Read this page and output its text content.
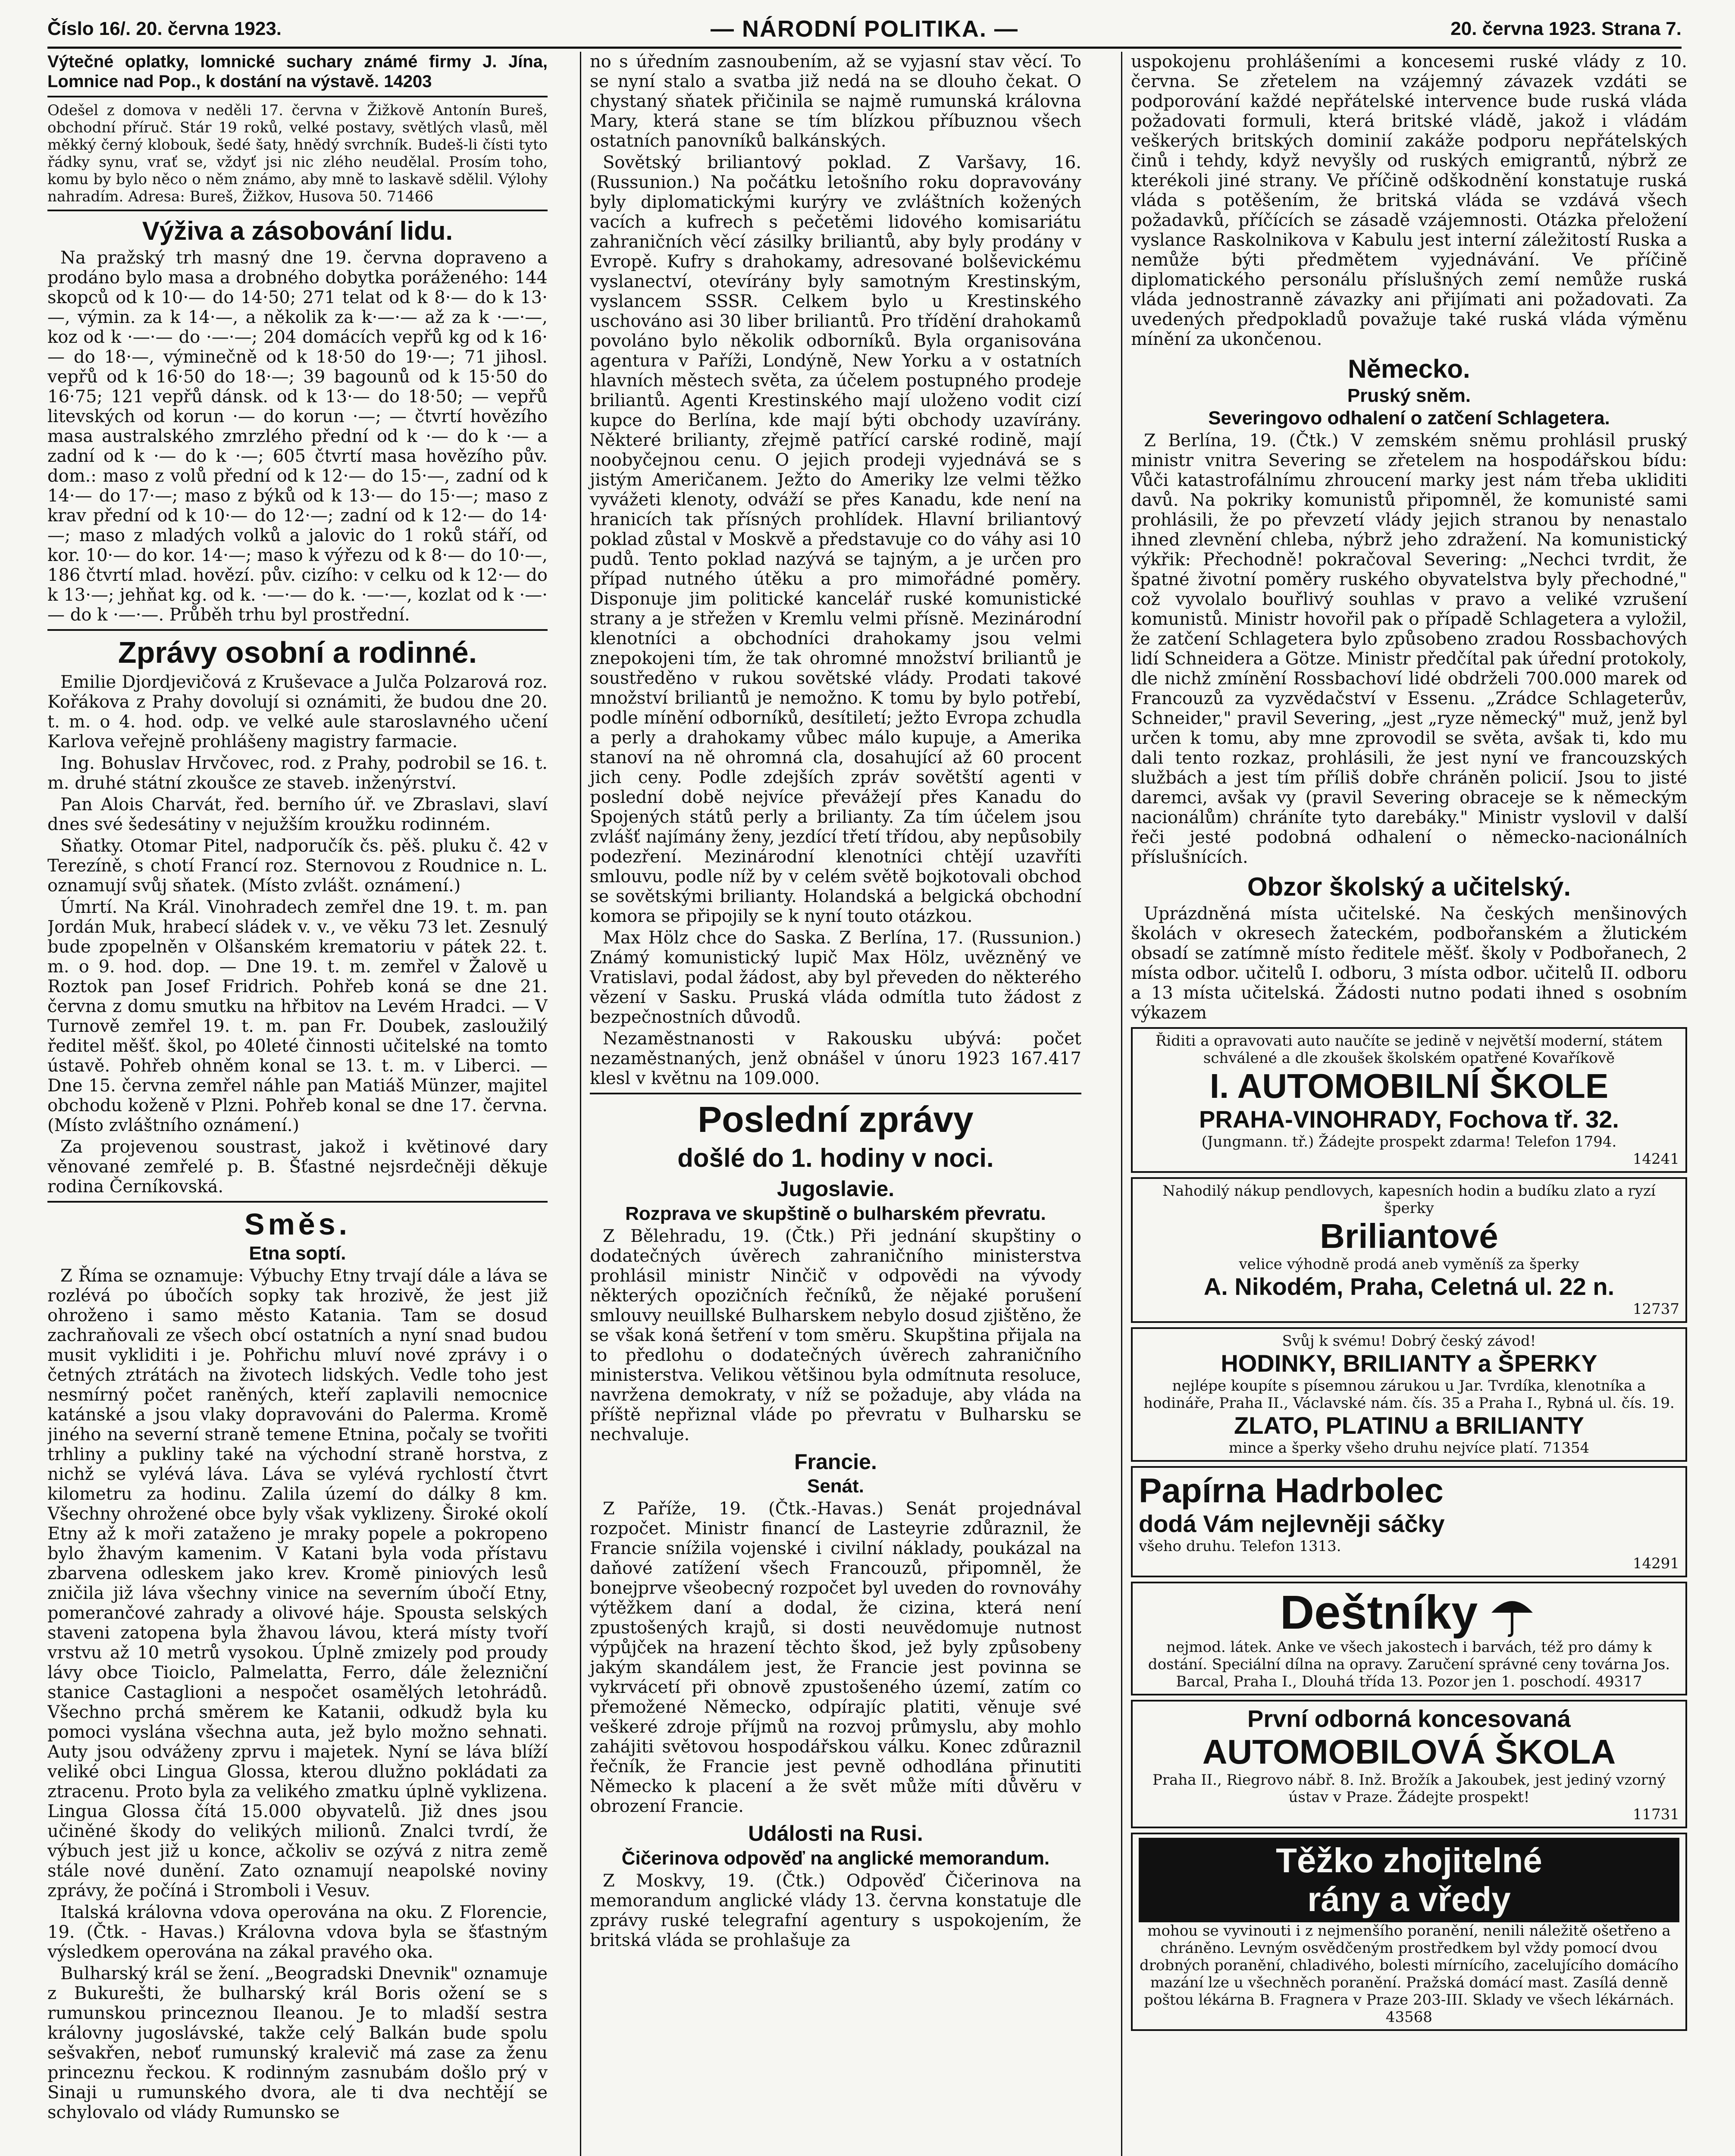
Číslo 16/. 20. června 1923.	— NÁRODNÍ POLITIKA. —	20. června 1923. Strana 7.

Výtečné oplatky, lomnické suchary známé firmy J. Jína, Lomnice nad Pop., k dostání na výstavě. 14203

Odešel z domova v neděli 17. června v Žižkově Antonín Bureš, obchodní příruč. Stár 19 roků, velké postavy, světlých vlasů, měl měkký černý klobouk, šedé šaty, hnědý svrchník. Budeš-li čísti tyto řádky synu, vrať se, vždyť jsi nic zlého neudělal. Prosím toho, komu by bylo něco o něm známo, aby mně to laskavě sdělil. Výlohy nahradím. Adresa: Bureš, Žižkov, Husova 50. 71466

Výživa a zásobování lidu.

Na pražský trh masný dne 19. června dopraveno a prodáno bylo masa a drobného dobytka poráženého: 144 skopců od k 10·— do 14·50; 271 telat od k 8·— do k 13·—, výmin. za k 14·—, a několik za k·—·— až za k ·—·—, koz od k ·—·— do ·—·—; 204 domácích vepřů kg od k 16·— do 18·—, výminečně od k 18·50 do 19·—; 71 jihosl. vepřů od k 16·50 do 18·—; 39 bagounů od k 15·50 do 16·75; 121 vepřů dánsk. od k 13·— do 18·50; — vepřů litevských od korun ·— do korun ·—; — čtvrtí hovězího masa australského zmrzlého přední od k ·— do k ·— a zadní od k ·— do k ·—; 605 čtvrtí masa hovězího pův. dom.: maso z volů přední od k 12·— do 15·—, zadní od k 14·— do 17·—; maso z býků od k 13·— do 15·—; maso z krav přední od k 10·— do 12·—; zadní od k 12·— do 14·—; maso z mladých volků a jalovic do 1 roků stáří, od kor. 10·— do kor. 14·—; maso k výřezu od k 8·— do 10·—, 186 čtvrtí mlad. hovězí. pův. cizího: v celku od k 12·— do k 13·—; jehňat kg. od k. ·—·— do k. ·—·—, kozlat od k ·—·— do k ·—·—. Průběh trhu byl prostřední.

Zprávy osobní a rodinné.

Emilie Djordjevičová z Kruševace a Julča Polzarová roz. Kořákova z Prahy dovolují si oznámiti, že budou dne 20. t. m. o 4. hod. odp. ve velké aule staroslavného učení Karlova veřejně prohlášeny magistry farmacie.

Ing. Bohuslav Hrvčovec, rod. z Prahy, podrobil se 16. t. m. druhé státní zkoušce ze staveb. inženýrství.

Pan Alois Charvát, řed. berního úř. ve Zbraslavi, slaví dnes své šedesátiny v nejužším kroužku rodinném.

Sňatky. Otomar Pitel, nadporučík čs. pěš. pluku č. 42 v Terezíně, s chotí Francí roz. Sternovou z Roudnice n. L. oznamují svůj sňatek. (Místo zvlášt. oznámení.)

Úmrtí. Na Král. Vinohradech zemřel dne 19. t. m. pan Jordán Muk, hrabecí sládek v. v., ve věku 73 let. Zesnulý bude zpopelněn v Olšanském krematoriu v pátek 22. t. m. o 9. hod. dop. — Dne 19. t. m. zemřel v Žalově u Roztok pan Josef Fridrich. Pohřeb koná se dne 21. června z domu smutku na hřbitov na Levém Hradci. — V Turnově zemřel 19. t. m. pan Fr. Doubek, zasloužilý ředitel měšť. škol, po 40leté činnosti učitelské na tomto ústavě. Pohřeb ohněm konal se 13. t. m. v Liberci. — Dne 15. června zemřel náhle pan Matiáš Münzer, majitel obchodu koženě v Plzni. Pohřeb konal se dne 17. června. (Místo zvláštního oznámení.)

Za projevenou soustrast, jakož i květinové dary věnované zemřelé p. B. Šťastné nejsrdečněji děkuje rodina Černíkovská.

Směs.
Etna soptí.

Z Říma se oznamuje: Výbuchy Etny trvají dále a láva se rozlévá po úbočích sopky tak hrozivě, že jest již ohroženo i samo město Katania. Tam se dosud zachraňovali ze všech obcí ostatních a nyní snad budou musit vykliditi i je. Pohřichu mluví nové zprávy i o četných ztrátách na životech lidských. Vedle toho jest nesmírný počet raněných, kteří zaplavili nemocnice katánské a jsou vlaky dopravováni do Palerma. Kromě jiného na severní straně temene Etnina, počaly se tvořiti trhliny a puklinу také na východní straně horstva, z nichž se vylévá láva. Láva se vylévá rychlostí čtvrt kilometru za hodinu. Zalila území do dálky 8 km. Všechny ohrožené obce byly však vyklizeny. Široké okolí Etny až k moři zataženo je mraky popele a pokropeno bylo žhavým kamenim. V Katani byla voda přístavu zbarvena odleskem jako krev. Kromě piniových lesů zničila již láva všechny vinice na severním úbočí Etny, pomerančové zahrady a olivové háje. Spousta selských staveni zatopena byla žhavou lávou, která místy tvoří vrstvu až 10 metrů vysokou. Úplně zmizely pod proudy lávy obce Tioiclo, Palmelatta, Ferro, dále železniční stanice Castaglioni a nespočet osamělých letohrádů. Všechno prchá směrem ke Katanii, odkudž byla ku pomoci vyslána všechna auta, jež bylo možno sehnati. Auty jsou odváženy zprvu i majetek. Nyní se láva blíží veliké obci Lingua Glossa, kterou dlužno pokládati za ztracenu. Proto byla za velikého zmatku úplně vyklizena. Lingua Glossa čítá 15.000 obyvatelů. Již dnes jsou učiněné škody do velikých milionů. Znalci tvrdí, že výbuch jest již u konce, ačkoliv se ozývá z nitra země stále nové dunění. Zato oznamují neapolské noviny zprávy, že počíná i Stromboli i Vesuv.

Italská královna vdova operována na oku. Z Florencie, 19. (Čtk. - Havas.) Královna vdova byla se šťastným výsledkem operována na zákal pravého oka.

Bulharský král se žení. „Beogradski Dnevnik" oznamuje z Bukurešti, že bulharský král Boris ožení se s rumunskou princeznou Ileanou. Je to mladší sestra královny jugoslávské, takže celý Balkán bude spolu sešvakřen, neboť rumunský kralevič má zase za ženu princeznu řeckou. K rodinným zasnubám došlo prý v Sinaji u rumunského dvora, ale ti dva nechtějí se schylovalo od vlády Rumunsko se

no s úředním zasnoubením, až se vyjasní stav věcí. To se nyní stalo a svatba již nedá na se dlouho čekat. O chystaný sňatek přičinila se najmě rumunská královna Mary, která stane se tím blízkou příbuznou všech ostatních panovníků balkánských.

Sovětský briliantový poklad. Z Varšavy, 16. (Russunion.) Na počátku letošního roku dopravovány byly diplomatickými kurýry ve zvláštních kožených vacích a kufrech s pečetěmi lidového komisariátu zahraničních věcí zásilky briliantů, aby byly prodány v Evropě. Kufry s drahokamy, adresované bolševickému vyslanectví, otevírány byly samotným Krestinským, vyslancem SSSR. Celkem bylo u Krestinského uschováno asi 30 liber briliantů. Pro třídění drahokamů povoláno bylo několik odborníků. Byla organisována agentura v Paříži, Londýně, New Yorku a v ostatních hlavních městech světa, za účelem postupného prodeje briliantů. Agenti Krestinského mají uloženo vodit cizí kupce do Berlína, kde mají býti obchody uzavírány. Některé brilianty, zřejmě patřící carské rodině, mají noobyčejnou cenu. O jejich prodeji vyjednává se s jistým Američanem. Ježto do Ameriky lze velmi těžko vyvážeti klenoty, odváží se přes Kanadu, kde není na hranicích tak přísných prohlídek. Hlavní briliantový poklad zůstal v Moskvě a představuje co do váhy asi 10 pudů. Tento poklad nazývá se tajným, a je určen pro případ nutného útěku a pro mimořádné poměry. Disponuje jim politické kancelář ruské komunistické strany a je střežen v Kremlu velmi přísně. Mezinárodní klenotníci a obchodníci drahokamy jsou velmi znepokojeni tím, že tak ohromné množství briliantů je soustředěno v rukou sovětské vlády. Prodati takové množství briliantů je nemožno. K tomu by bylo potřebí, podle mínění odborníků, desítiletí; ježto Evropa zchudla a perly a drahokamy vůbec málo kupuje, a Amerika stanoví na ně ohromná cla, dosahující až 60 procent jich ceny. Podle zdejších zpráv sovětští agenti v poslední době nejvíce převážejí přes Kanadu do Spojených států perly a brilianty. Za tím účelem jsou zvlášť najímány ženy, jezdící třetí třídou, aby nepůsobily podezření. Mezinárodní klenotníci chtějí uzavříti smlouvu, podle níž by v celém světě bojkotovali obchod se sovětskými brilianty. Holandská a belgická obchodní komora se připojily se k nyní touto otázkou.

Max Hölz chce do Saska. Z Berlína, 17. (Russunion.) Známý komunistický lupič Max Hölz, uvězněný ve Vratislavi, podal žádost, aby byl převeden do některého vězení v Sasku. Pruská vláda odmítla tuto žádost z bezpečnostních důvodů.

Nezaměstnanosti v Rakousku ubývá: počet nezaměstnaných, jenž obnášel v únoru 1923 167.417 klesl v květnu na 109.000.

Poslední zprávy
došlé do 1. hodiny v noci.
Jugoslavie.
Rozprava ve skupštině o bulharském převratu.

Z Bělehradu, 19. (Čtk.) Při jednání skupštiny o dodatečných úvěrech zahraničního ministerstva prohlásil ministr Ninčič v odpovědi na vývody některých opozičních řečníků, že nějaké porušení smlouvy neuillské Bulharskem nebylo dosud zjištěno, že se však koná šetření v tom směru. Skupština přijala na to předlohu o dodatečných úvěrech zahraničního ministerstva. Velikou většinou byla odmítnuta resoluce, navržena demokraty, v níž se požaduje, aby vláda na příště nepřiznal vláde po převratu v Bulharsku se nechvaluje.

Francie.
Senát.

Z Paříže, 19. (Čtk.-Havas.) Senát projednával rozpočet. Ministr financí de Lasteyrie zdůraznil, že Francie snížila vojenské i civilní náklady, poukázal na daňové zatížení všech Francouzů, připomněl, že bonejprve všeobecný rozpočet byl uveden do rovnováhy výtěžkem daní a dodal, že cizina, která není zpustošených krajů, si dosti neuvědomuje nutnost výpůjček na hrazení těchto škod, jež byly způsobeny jakým skandálem jest, že Francie jest povinna se vykrvácetí při obnově zpustošeného území, zatím co přemožené Německo, odpírajíc platiti, věnuje své veškeré zdroje příjmů na rozvoj průmyslu, aby mohlo zahájiti světovou hospodářskou válku. Konec zdůraznil řečník, že Francie jest pevně odhodlána přinutiti Německo k placení a že svět může míti důvěru v obrození Francie.

Události na Rusi.
Čičerinova odpověď na anglické memorandum.

Z Moskvy, 19. (Čtk.) Odpověď Čičerinova na memorandum anglické vlády 13. června konstatuje dle zprávy ruské telegrafní agentury s uspokojením, že britská vláda se prohlašuje za

uspokojenu prohlášeními a koncesemi ruské vlády z 10. června. Se zřetelem na vzájemný závazek vzdáti se podporování každé nepřátelské intervence bude ruská vláda požadovati formuli, která britské vládě, jakož i vládám veškerých britských dominií zakáže podporu nepřátelských činů i tehdy, když nevyšly od ruských emigrantů, nýbrž ze kterékoli jiné strany. Ve příčině odškodnění konstatuje ruská vláda s potěšením, že britská vláda se vzdává všech požadavků, příčících se zásadě vzájemnosti. Otázka přeložení vyslance Raskolnikova v Kabulu jest interní záležitostí Ruska a nemůže býti předmětem vyjednávání. Ve příčině diplomatického personálu příslušných zemí nemůže ruská vláda jednostranně závazky ani přijímati ani požadovati. Za uvedených předpokladů považuje také ruská vláda výměnu mínění za ukončenou.

Německo.
Pruský sněm.
Severingovo odhalení o zatčení Schlagetera.

Z Berlína, 19. (Čtk.) V zemském sněmu prohlásil pruský ministr vnitra Severing se zřetelem na hospodářskou bídu: Vůči katastrofálnímu zhroucení marky jest nám třeba ukliditi davů. Na pokriky komunistů připomněl, že komunisté sami prohlásili, že po převzetí vlády jejich stranou by nenastalo ihned zlevnění chleba, nýbrž jeho zdražení. Na komunistický výkřik: Přechodně! pokračoval Severing: „Nechci tvrdit, že špatné životní poměry ruského obyvatelstva byly přechodné," což vyvolalo bouřlivý souhlas v pravo a veliké vzrušení komunistů. Ministr hovořil pak o případě Schlagetera a vyložil, že zatčení Schlagetera bylo způsobeno zradou Rossbachových lidí Schneidera a Götze. Ministr předčítal pak úřední protokoly, dle nichž zmínění Rossbachoví lidé obdrželi 700.000 marek od Francouzů za vyzvědačství v Essenu. „Zrádce Schlageterův, Schneider," pravil Severing, „jest „ryze německý" muž, jenž byl určen k tomu, aby mne zprovodil se světa, avšak ti, kdo mu dali tento rozkaz, prohlásili, že jest nyní ve francouzských službách a jest tím příliš dobře chráněn policií. Jsou to jisté daremci, avšak vy (pravil Severing obraceje se k německým nacionálům) chráníte tyto darebáky." Ministr vyslovil v další řeči jesté podobná odhalení o německo-nacionálních příslušnících.

Obzor školský a učitelský.

Uprázdněná místa učitelské. Na českých menšinových školách v okresech žateckém, podbořanském a žlutickém obsadí se zatímně místo ředitele měšť. školy v Podbořanech, 2 místa odbor. učitelů I. odboru, 3 místa odbor. učitelů II. odboru a 13 místa učitelská. Žádosti nutno podati ihned s osobním výkazem

Řiditi a opravovati auto naučíte se jedině v největší moderní, státem schválené a dle zkoušek školském opatřené Kovaříkově
I. AUTOMOBILNÍ ŠKOLE
PRAHA-VINOHRADY, Fochova tř. 32.
(Jungmann. tř.) Žádejte prospekt zdarma! Telefon 1794.
14241
Nahodilý nákup pendlovych, kapesních hodin a budíku zlato a ryzí šperky
Briliantové
velice výhodně prodá aneb vyměníš za šperky
A. Nikodém, Praha, Celetná ul. 22 n.
12737
Svůj k svému! Dobrý český závod!
HODINKY, BRILIANTY a ŠPERKY
nejlépe koupíte s písemnou zárukou u Jar. Tvrdíka, klenotníka a hodináře, Praha II., Václavské nám. čís. 35 a Praha I., Rybná ul. čís. 19.
ZLATO, PLATINU a BRILIANTY
mince a šperky všeho druhu nejvíce platí. 71354
Papírna Hadrbolec
dodá Vám nejlevněji sáčky
všeho druhu. Telefon 1313.
14291
Deštníky
nejmod. látek. Anke ve všech jakostech i barvách, též pro dámy k dostání. Speciální dílna na opravy. Zaručení správné ceny továrna Jos. Barcal, Praha I., Dlouhá třída 13. Pozor jen 1. poschodí. 49317
První odborná koncesovaná
AUTOMOBILOVÁ ŠKOLA
Praha II., Riegrovo nábř. 8. Inž. Brožík a Jakoubek, jest jediný vzorný ústav v Praze. Žádejte prospekt!
11731
Těžko zhojitelné
rány a vředy
mohou se vyvinouti i z nejmenšího poranění, nenili náležitě ošetřeno a chráněno. Levným osvědčeným prostředkem byl vždy pomocí dvou drobných poranění, chladivého, bolesti mírnícího, zacelujícího domácího mazání lze u všechněch poranění. Pražská domácí mast. Zasílá denně poštou lékárna B. Fragnera v Praze 203-III. Sklady ve všech lékárnách. 43568
